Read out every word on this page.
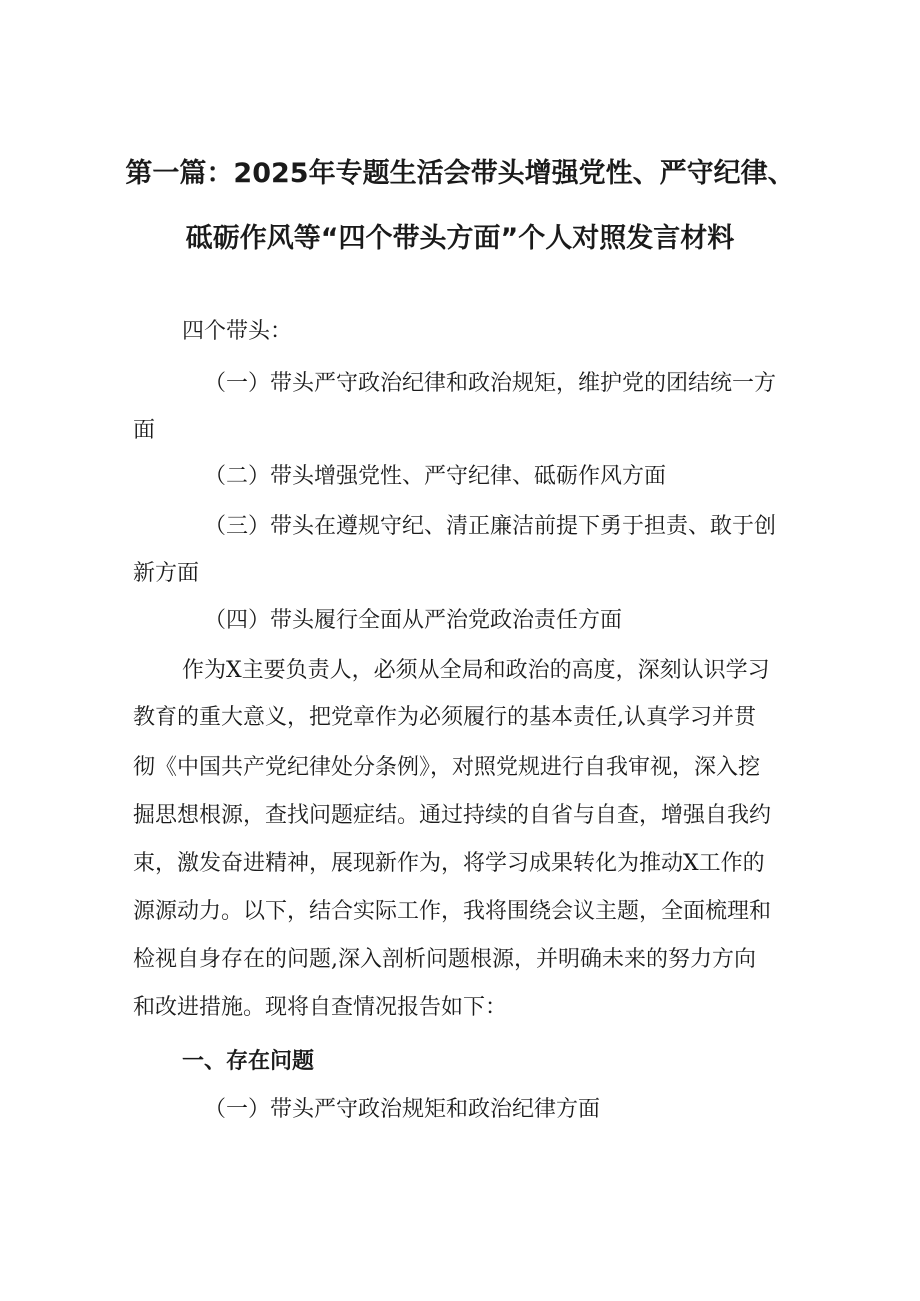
第一篇：2025年专题生活会带头增强党性、严守纪律、
砥砺作风等“四个带头方面”个人对照发言材料
四个带头：
（一）带头严守政治纪律和政治规矩，维护党的团结统一方
面
（二）带头增强党性、严守纪律、砥砺作风方面
（三）带头在遵规守纪、清正廉洁前提下勇于担责、敢于创
新方面
（四）带头履行全面从严治党政治责任方面
作为X主要负责人，必须从全局和政治的高度，深刻认识学习
教育的重大意义，把党章作为必须履行的基本责任,认真学习并贯
彻《中国共产党纪律处分条例》，对照党规进行自我审视，深入挖
掘思想根源，查找问题症结。通过持续的自省与自查，增强自我约
束，激发奋进精神，展现新作为，将学习成果转化为推动X工作的
源源动力。以下，结合实际工作，我将围绕会议主题，全面梳理和
检视自身存在的问题,深入剖析问题根源，并明确未来的努力方向
和改进措施。现将自查情况报告如下：
一、存在问题
（一）带头严守政治规矩和政治纪律方面
